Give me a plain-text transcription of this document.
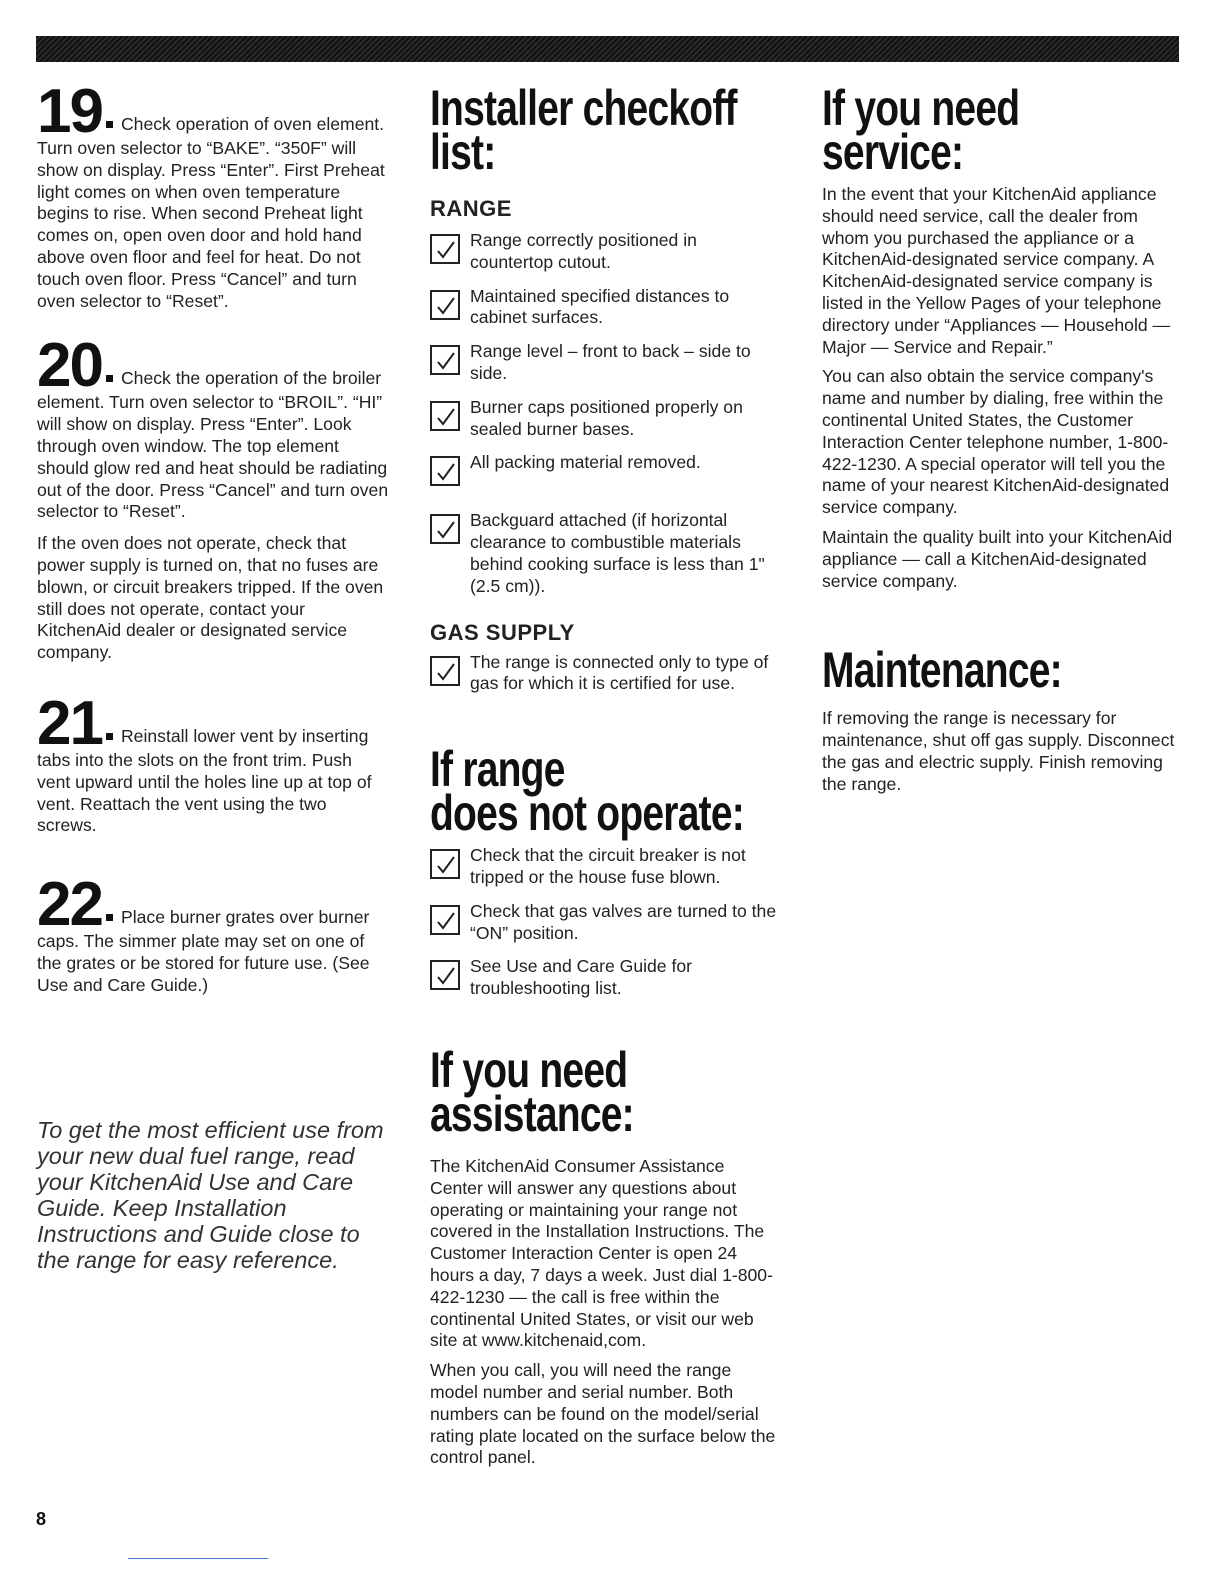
19 Check operation of oven element. Turn oven selector to “BAKE”. “350F” will show on display. Press “Enter”. First Preheat light comes on when oven temperature begins to rise. When second Preheat light comes on, open oven door and hold hand above oven floor and feel for heat. Do not touch oven floor. Press “Cancel” and turn oven selector to “Reset”.

20 Check the operation of the broiler element. Turn oven selector to “BROIL”. “HI” will show on display. Press “Enter”. Look through oven window. The top element should glow red and heat should be radiating out of the door. Press “Cancel” and turn oven selector to “Reset”.

If the oven does not operate, check that power supply is turned on, that no fuses are blown, or circuit breakers tripped. If the oven still does not operate, contact your KitchenAid dealer or designated service company.

21 Reinstall lower vent by inserting tabs into the slots on the front trim. Push vent upward until the holes line up at top of vent. Reattach the vent using the two screws.

22 Place burner grates over burner caps. The simmer plate may set on one of the grates or be stored for future use. (See Use and Care Guide.)

To get the most efficient use from your new dual fuel range, read your KitchenAid Use and Care Guide. Keep Installation Instructions and Guide close to the range for easy reference.

Installer checkoff
list:
RANGE

Range correctly positioned in countertop cutout.

Maintained specified distances to cabinet surfaces.

Range level – front to back – side to side.

Burner caps positioned properly on sealed burner bases.

All packing material removed.

Backguard attached (if horizontal clearance to combustible materials behind cooking surface is less than 1" (2.5 cm)).

GAS SUPPLY

The range is connected only to type of gas for which it is certified for use.

If range
does not operate:

Check that the circuit breaker is not tripped or the house fuse blown.

Check that gas valves are turned to the “ON” position.

See Use and Care Guide for troubleshooting list.

If you need
assistance:

The KitchenAid Consumer Assistance Center will answer any questions about operating or maintaining your range not covered in the Installation Instructions. The Customer Interaction Center is open 24 hours a day, 7 days a week. Just dial 1-800-422-1230 — the call is free within the continental United States, or visit our web site at www.kitchenaid,com.

When you call, you will need the range model number and serial number. Both numbers can be found on the model/serial rating plate located on the surface below the control panel.

If you need
service:

In the event that your KitchenAid appliance should need service, call the dealer from whom you purchased the appliance or a KitchenAid-designated service company. A KitchenAid-designated service company is listed in the Yellow Pages of your telephone directory under “Appliances — Household — Major — Service and Repair.”

You can also obtain the service company's name and number by dialing, free within the continental United States, the Customer Interaction Center telephone number, 1-800-422-1230. A special operator will tell you the name of your nearest KitchenAid-designated service company.

Maintain the quality built into your KitchenAid appliance — call a KitchenAid-designated service company.

Maintenance:

If removing the range is necessary for maintenance, shut off gas supply. Disconnect the gas and electric supply. Finish removing the range.

8
